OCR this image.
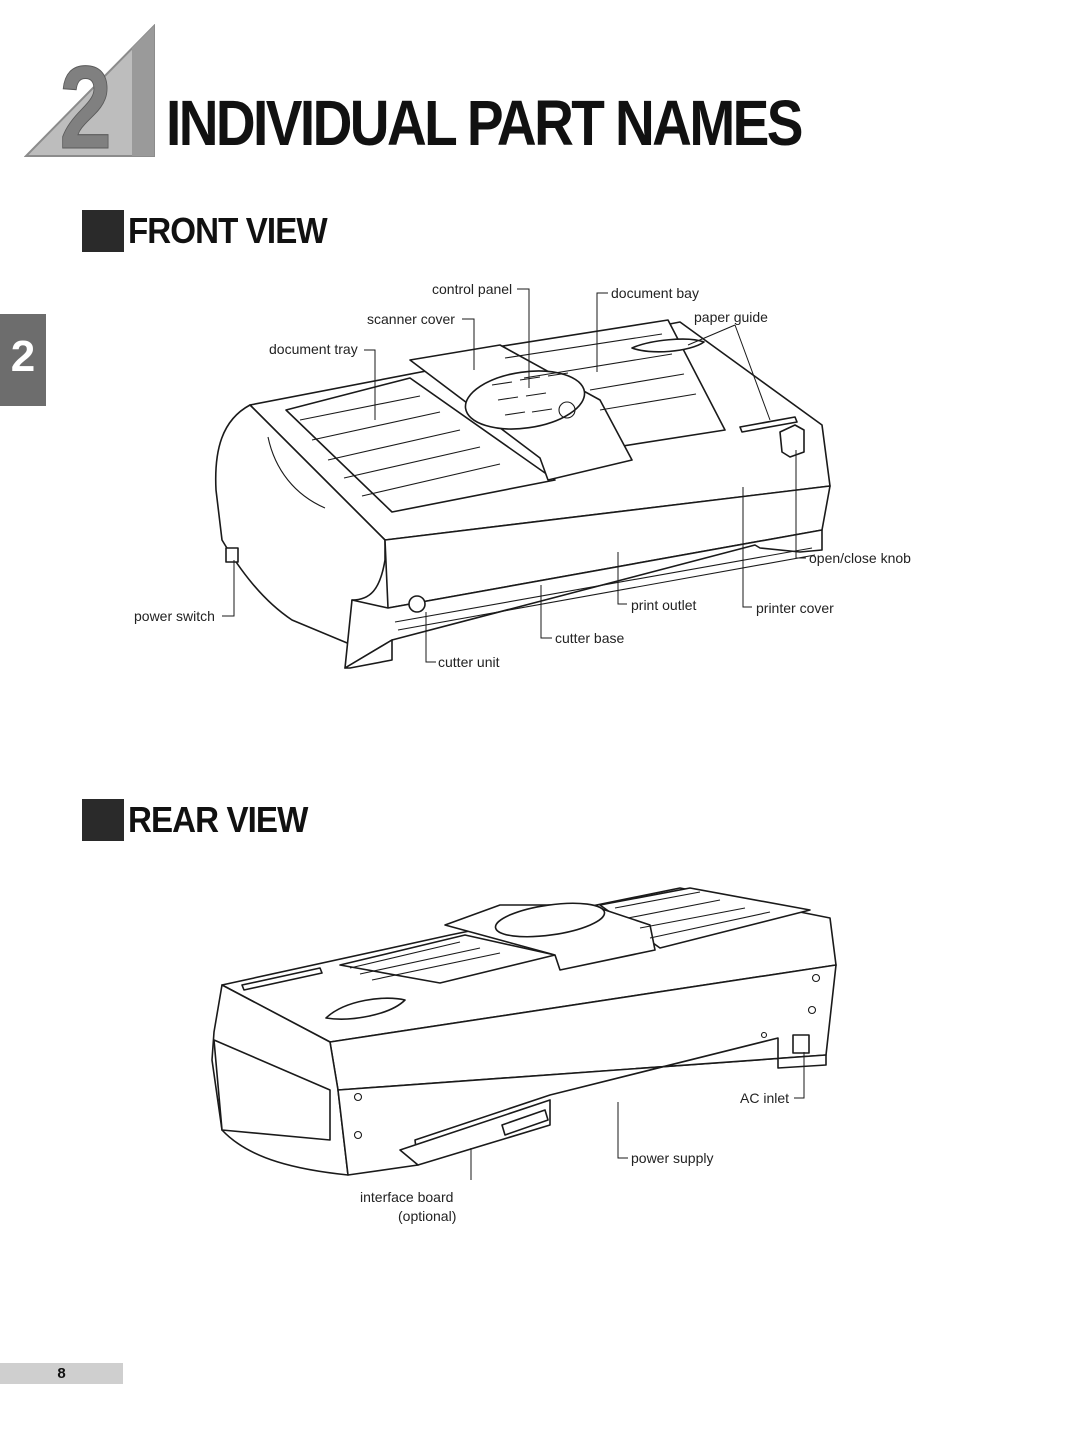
2 INDIVIDUAL PART NAMES
2
FRONT VIEW
control panel	document bay
scanner cover	paper guide
document tray
open/close knob
power switch
print outlet	printer cover
cutter base
cutter unit
REAR VIEW
AC inlet
power supply
interface board
(optional)
8
